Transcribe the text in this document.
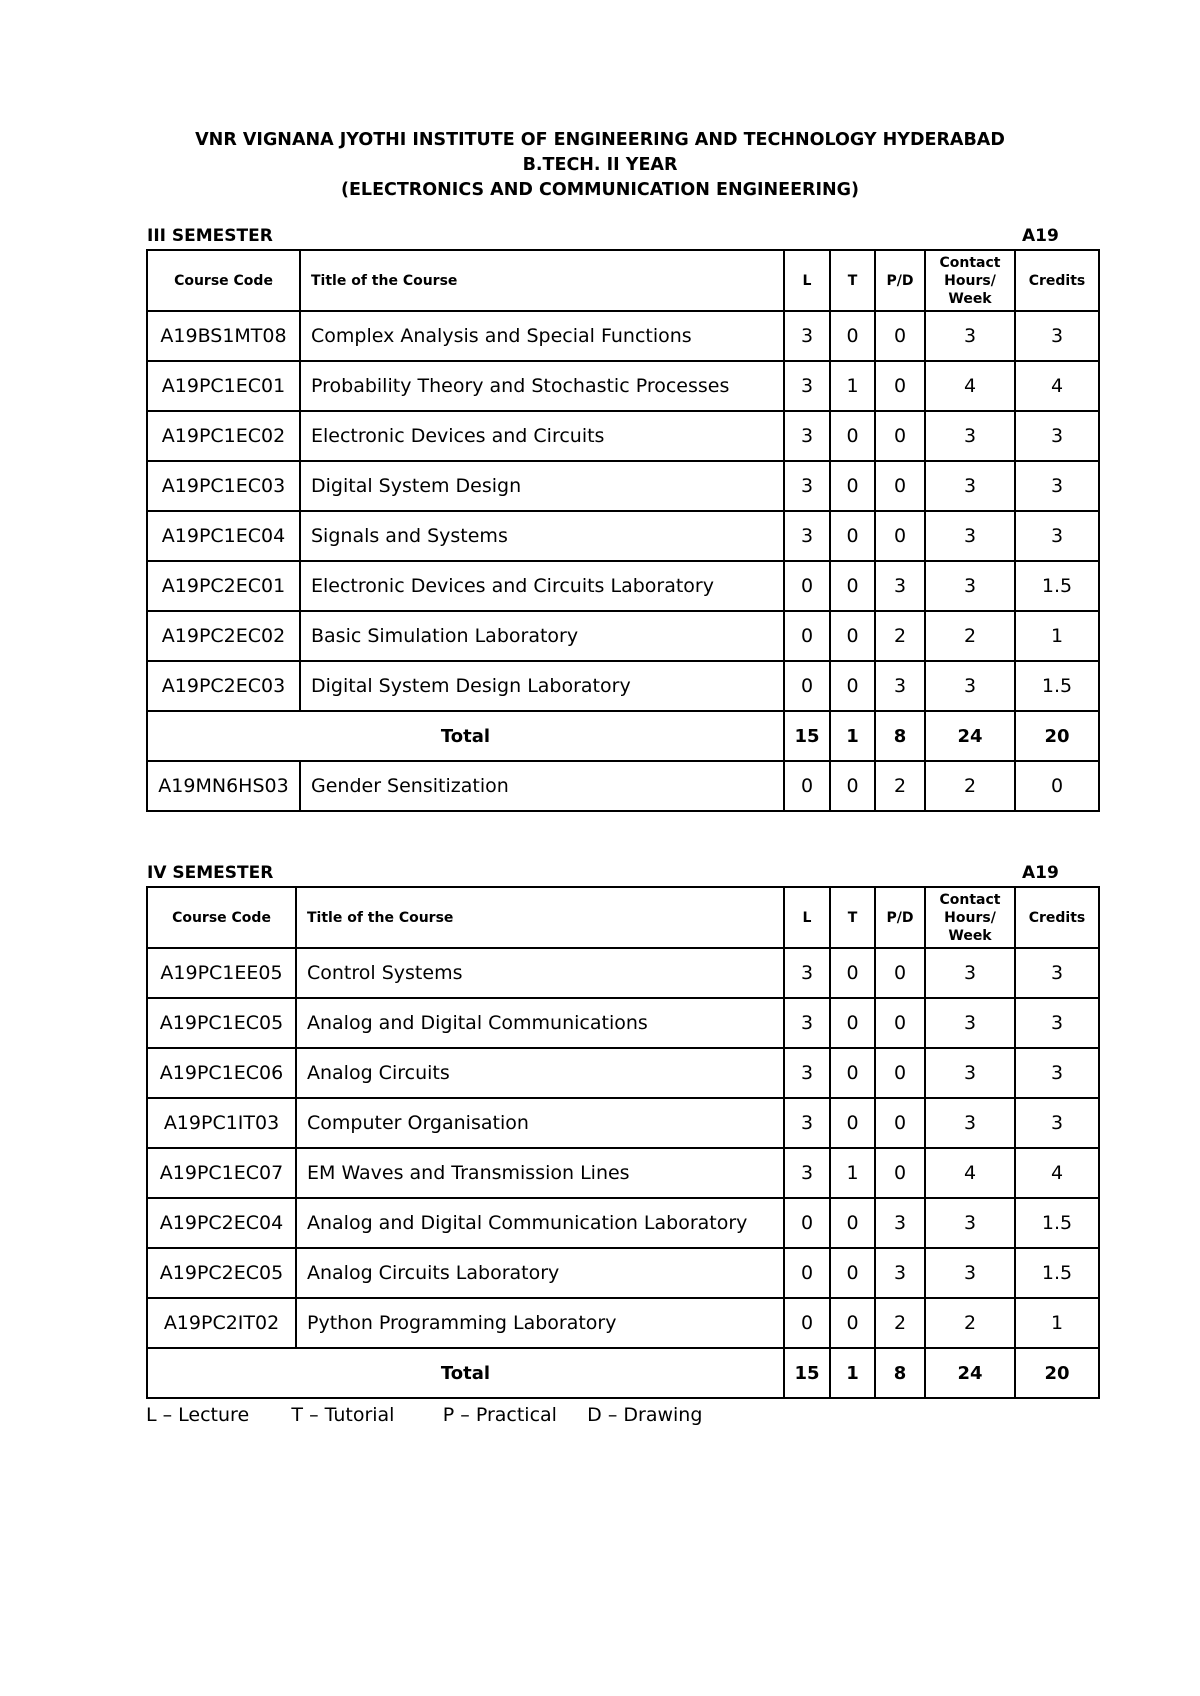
VNR VIGNANA JYOTHI INSTITUTE OF ENGINEERING AND TECHNOLOGY HYDERABAD
B.TECH. II YEAR
(ELECTRONICS AND COMMUNICATION ENGINEERING)
III SEMESTER	A19
Course Code	Title of the Course	L	T	P/D	Contact Hours/ Week	Credits
A19BS1MT08	Complex Analysis and Special Functions	3	0	0	3	3
A19PC1EC01	Probability Theory and Stochastic Processes	3	1	0	4	4
A19PC1EC02	Electronic Devices and Circuits	3	0	0	3	3
A19PC1EC03	Digital System Design	3	0	0	3	3
A19PC1EC04	Signals and Systems	3	0	0	3	3
A19PC2EC01	Electronic Devices and Circuits Laboratory	0	0	3	3	1.5
A19PC2EC02	Basic Simulation Laboratory	0	0	2	2	1
A19PC2EC03	Digital System Design Laboratory	0	0	3	3	1.5
Total		15	1	8	24	20
A19MN6HS03	Gender Sensitization	0	0	2	2	0
IV SEMESTER	A19
Course Code	Title of the Course	L	T	P/D	Contact Hours/ Week	Credits
A19PC1EE05	Control Systems	3	0	0	3	3
A19PC1EC05	Analog and Digital Communications	3	0	0	3	3
A19PC1EC06	Analog Circuits	3	0	0	3	3
A19PC1IT03	Computer Organisation	3	0	0	3	3
A19PC1EC07	EM Waves and Transmission Lines	3	1	0	4	4
A19PC2EC04	Analog and Digital Communication Laboratory	0	0	3	3	1.5
A19PC2EC05	Analog Circuits Laboratory	0	0	3	3	1.5
A19PC2IT02	Python Programming Laboratory	0	0	2	2	1
Total		15	1	8	24	20
L – Lecture T – Tutorial	P – Practical D – Drawing
